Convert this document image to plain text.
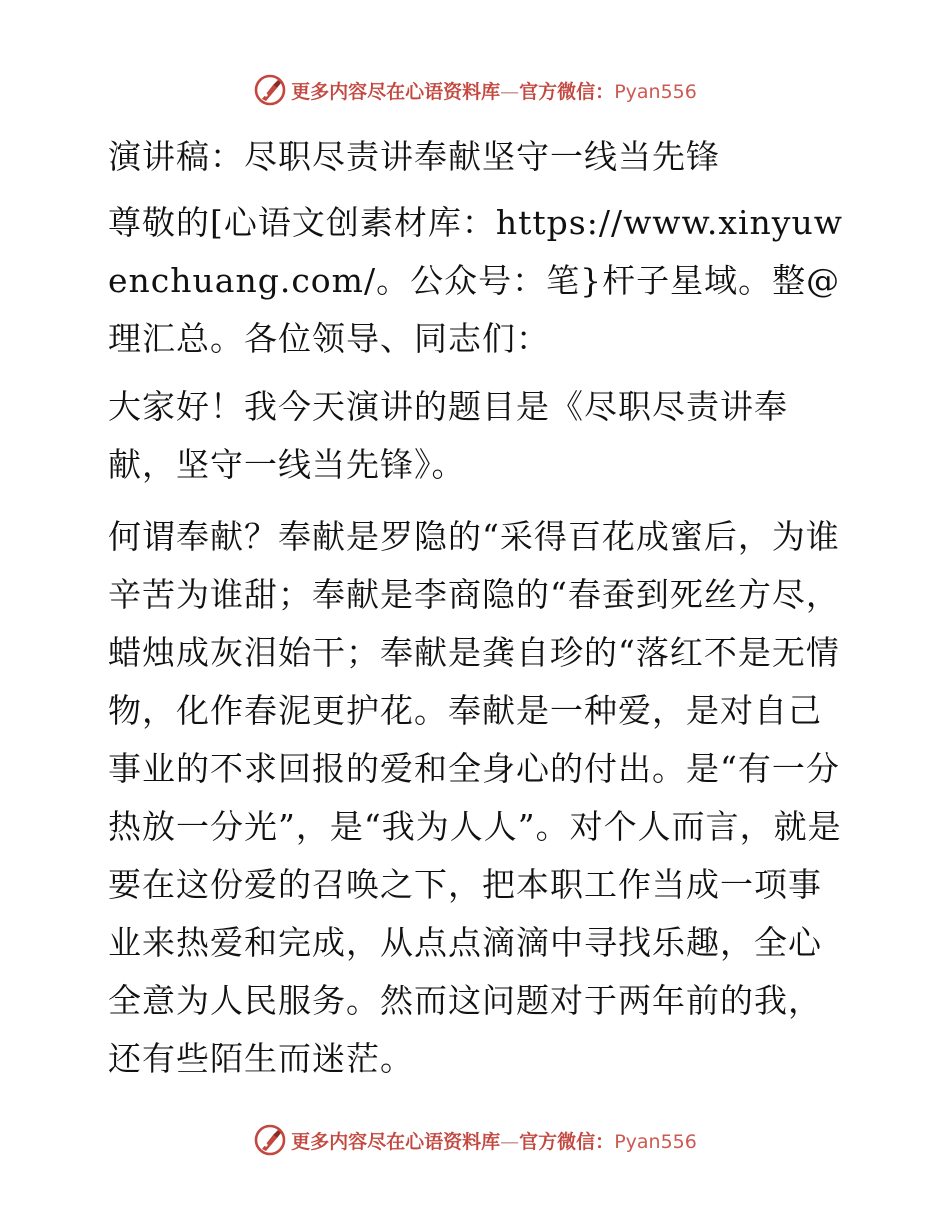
更多内容尽在心语资料库—官方微信：Pyan556

演讲稿：尽职尽责讲奉献坚守一线当先锋

尊敬的[心语文创素材库：https://www.xinyuwenchuang.com/。公众号：笔}杆子星域。整@理汇总。各位领导、同志们：

大家好！我今天演讲的题目是《尽职尽责讲奉献，坚守一线当先锋》。

何谓奉献？奉献是罗隐的“采得百花成蜜后，为谁辛苦为谁甜；奉献是李商隐的“春蚕到死丝方尽，蜡烛成灰泪始干；奉献是龚自珍的“落红不是无情物，化作春泥更护花。奉献是一种爱，是对自己事业的不求回报的爱和全身心的付出。是“有一分热放一分光”，是“我为人人”。对个人而言，就是要在这份爱的召唤之下，把本职工作当成一项事业来热爱和完成，从点点滴滴中寻找乐趣，全心全意为人民服务。然而这问题对于两年前的我，还有些陌生而迷茫。

更多内容尽在心语资料库—官方微信：Pyan556
